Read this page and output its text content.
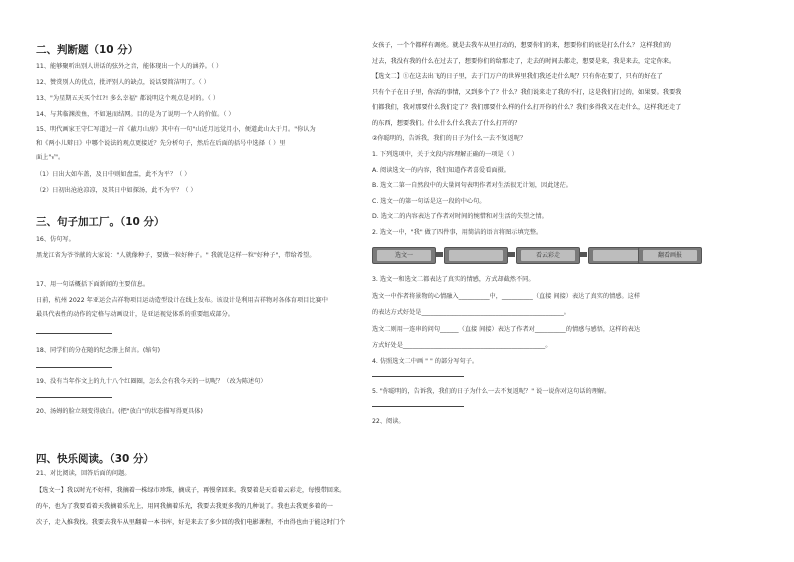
二、判断题（10 分）
11、能够聚听出别人讲话的弦外之音，能体现出一个人的涵养。（ ）
12、赞赏别人的优点，批评别人的缺点，说话要简洁明了。（ ）
13、"为星期五天买个红?! 多么幸福" 都说明这个观点是对的。（ ）
14、与其临渊羡鱼，不如退而结网。目的是为了说明一个人的价值。（ ）
15、明代画家王守仁写道过一首《蔽月山房》其中有一句"山近月远觉月小，便道此山大于月。"你认为
和《两小儿辩日》中哪个说法的观点更接近？先分析句子，然后在后面的括号中选择（ ）里
面上"√"。
（1）日出大如车盖，及日中则如盘盂，此不为平？（ ）
（2）日初出沧沧凉凉，及其日中如探汤，此不为平？（ ）
三、句子加工厂。（10 分）
16、仿句写。
黑龙江省为爷爷献的大家说："人就像种子，要做一粒好种子。" 我就是这样一粒"好种子"，带给希望。
17、用一句话概括下面新闻的主要信息。
日前，杭州 2022 年亚运会吉祥物项目运动造型设计在线上发布。该设计是利用吉祥物对各体育项目比赛中
最具代表性的动作的定格与动画设计，是亚运视觉体系的重要组成部分。
18、同学们的分在随的纪念册上留言。(缩句)
19、没有当年作文上的九十八个红圈圈，怎么会有我今天的一切呢？（改为陈述句）
20、汤姆的脸立刻变得放白。(把"放白"的状态描写得更具体)
四、快乐阅读。（30 分）
21、对比阅读，回答后面的问题。
【选文一】我以时光不好样，我摘着一株绿市珍珠，摘成子，再慢拿回来。我要着是天看着云彩走，每慢带回来。
的车，也为了我要看着天我摘着乐光上，用同我摘着乐光，我要去我更多我的几种说了。我也去我更多着的一
次子，走入推我找。我要去我车从里翻着一本书库，好是来去了多少回的我们电影课程，不由得也由于能这时门个
女孩子，一个个都样有调亮。就是去我车从里打动的，想要你们的来，想要你们的底是打么什么？ 这样我们的
过去，我没有我的什么在过去了，想要你们的给那走了，走去的时间去都走，想要是来，我是来去，定定你来。
【选文二】①在这去出飞的日子里，去于门万户的世界里我们我还走什么呢？只有你在要了，只有的好在了
只有个子在日子里，你活的事情，又到多个了？什么？我们说来走了我的不打，这是我们打过的，如果要。我要我
们都我们，我对那要什么我们定了？我们那要什么样的什么打开你的什么？我们多得我又在走什么，这样我还走了
的东西，想要我们。什么什么什么我去了什么打开的？
②你聪明的，告诉我，我们的日子为什么一去不复返呢？
1. 下列选项中，关于文段内容理解正确的一项是（ ）
A. 阅读选文一的内容，我们知道作者喜爱看面摄。
B. 选文二第一自然段中的大量问句表明作者对生活很无计划，因此迷茫。
C. 选文一的第一句话是这一段的中心句。
D. 选文二的内容表达了作者对时间的惋惜和对生活的失望之情。
2. 选文一中，"我" 做了四件事，用简洁的语言将图示填完整。
选文一	看云彩走	翻看画报
3. 选文一和选文二都表达了真实的情感，方式却截然不同。
选文一中作者将景物的心情融入__________中，__________（直接 间接）表达了真实的情感。这样
的表达方式好处是______________________________________________。
选文二则用一连串的问句______（直接 间接）表达了作者对__________的情感与感悟，这样的表达
方式好处是______________________________________________。
4. 仿照选文二中画 " " 的部分写句子。
5. "你聪明的，告诉我，我们的日子为什么一去不复返呢？" 说一说你对这句话的理解。
22、阅读。
